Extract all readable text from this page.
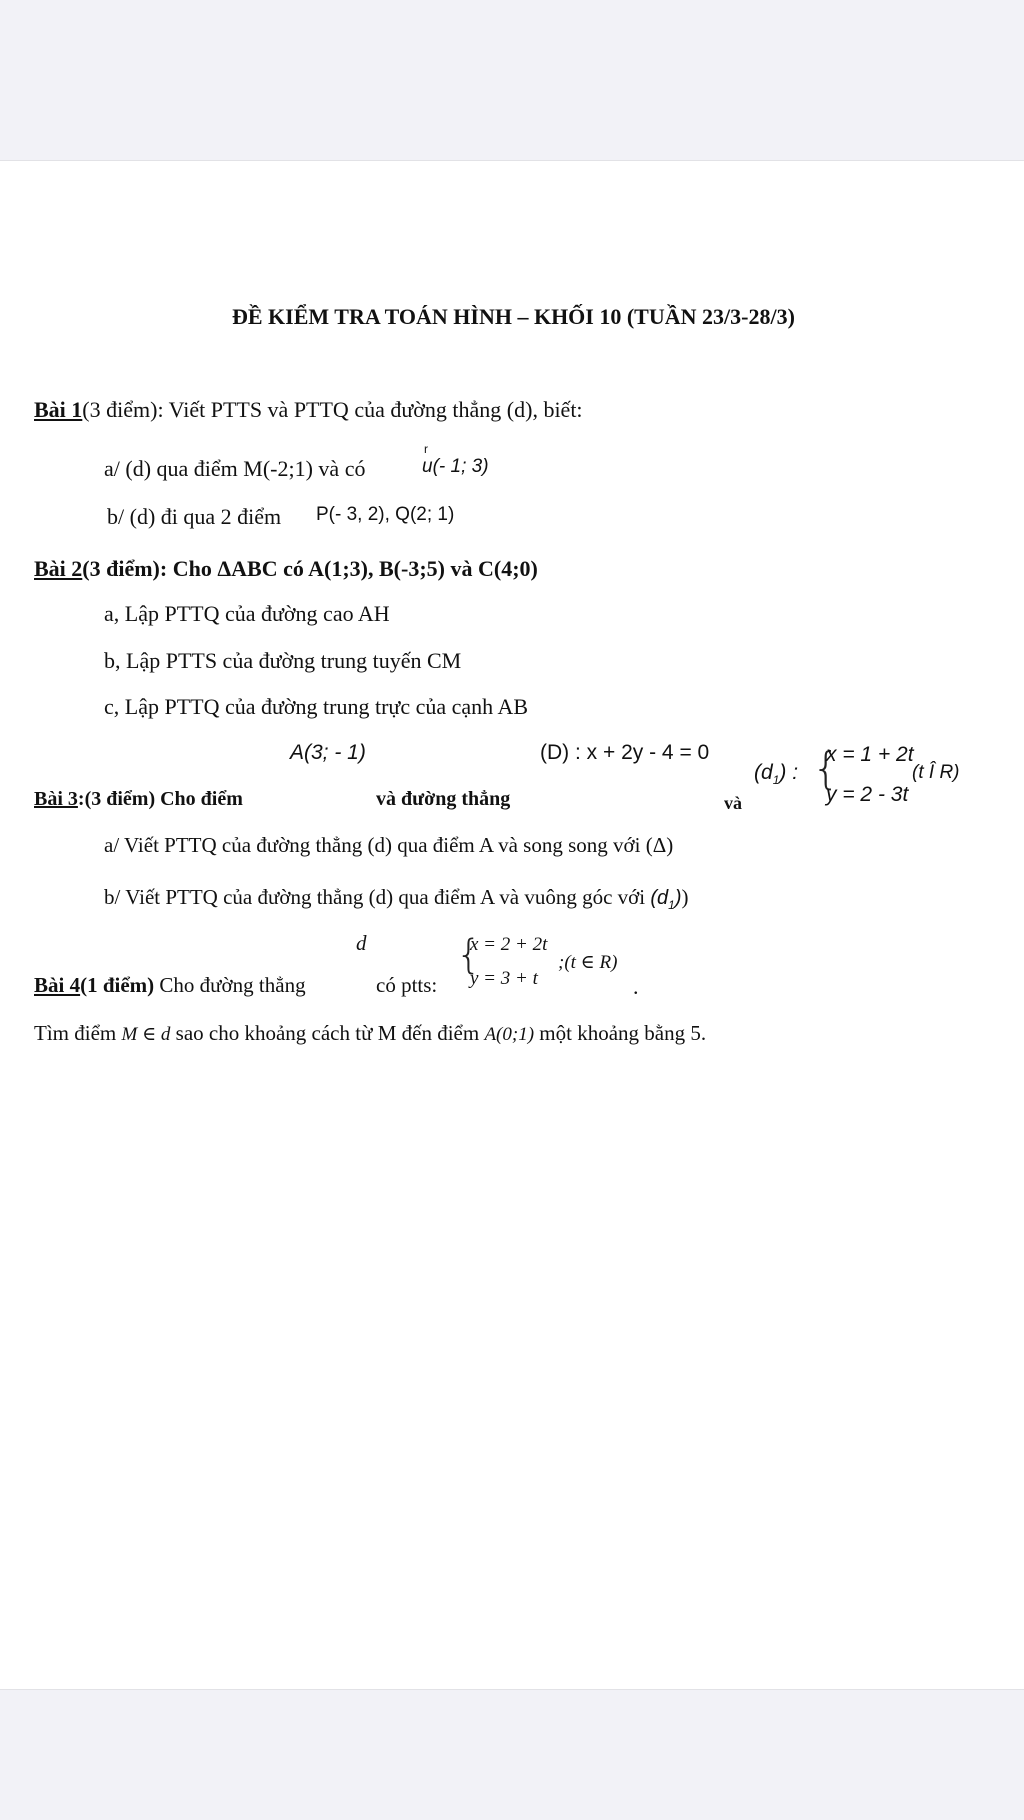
ĐỀ KIỂM TRA TOÁN HÌNH – KHỐI 10 (TUẦN 23/3-28/3)
Bài 1(3 điểm): Viết PTTS và PTTQ của đường thẳng (d), biết:
a/ (d) qua điểm M(-2;1) và có
r
u(- 1; 3)
b/ (d) đi qua 2 điểm P(- 3, 2), Q(2; 1)
Bài 2(3 điểm): Cho ΔABC có A(1;3), B(-3;5) và C(4;0)
a, Lập PTTQ của đường cao AH
b, Lập PTTS của đường trung tuyến CM
c, Lập PTTQ của đường trung trực của cạnh AB
A(3; - 1)	(D) : x + 2y - 4 = 0
Bài 3:(3 điểm) Cho điểm	và đường thẳng	và
$(d_1)$ : {
x = 1 + 2t
y = 2 - 3t
(t Î R)
a/ Viết PTTQ của đường thẳng (d) qua điểm A và song song với (Δ)
b/ Viết PTTQ của đường thẳng (d) qua điểm A và vuông góc với $(d_1)$)
d
Bài 4(1 điểm) Cho đường thẳng	có ptts:
{
x = 2 + 2t
y = 3 + t
;(t ∈ R)
.
Tìm điểm M ∈ d sao cho khoảng cách từ M đến điểm A(0;1) một khoảng bằng 5.
